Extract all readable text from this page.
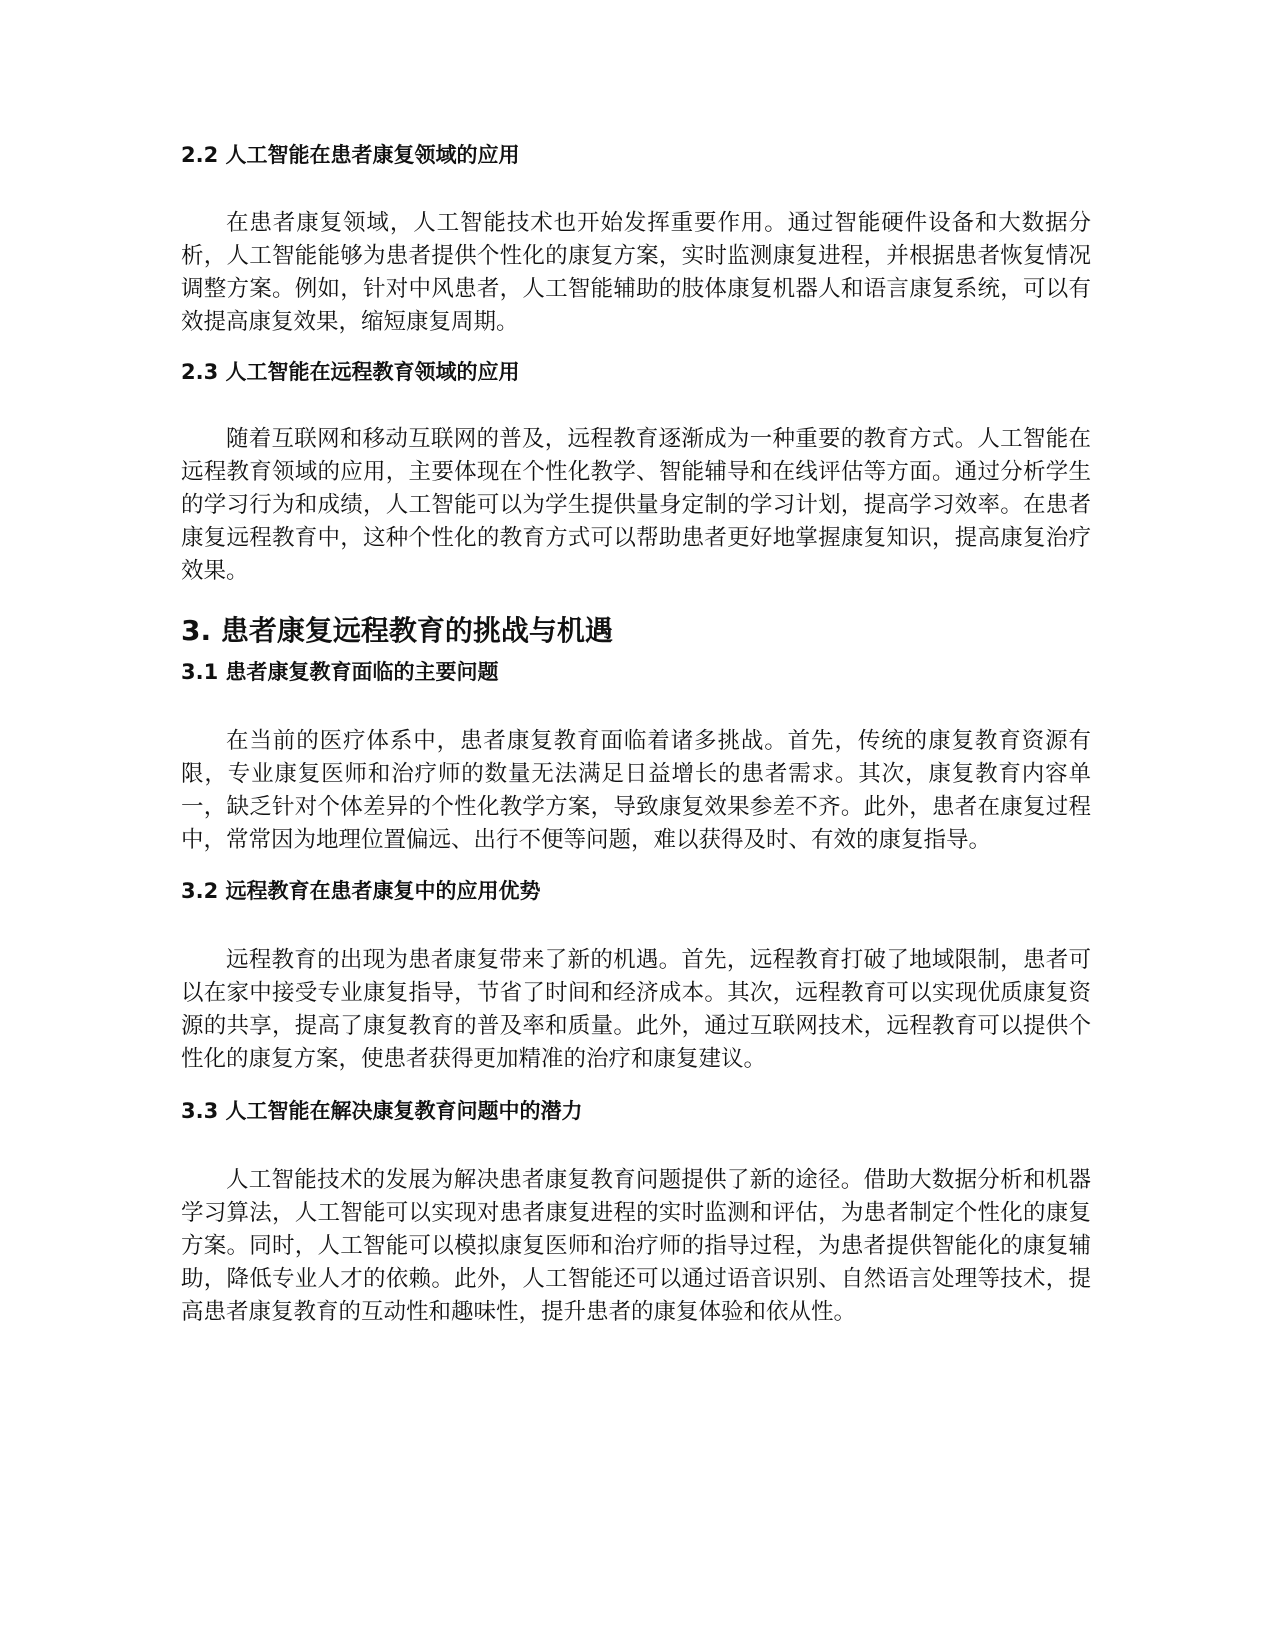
2.2 人工智能在患者康复领域的应用

在患者康复领域，人工智能技术也开始发挥重要作用。通过智能硬件设备和大数据分析，人工智能能够为患者提供个性化的康复方案，实时监测康复进程，并根据患者恢复情况调整方案。例如，针对中风患者，人工智能辅助的肢体康复机器人和语言康复系统，可以有效提高康复效果，缩短康复周期。

2.3 人工智能在远程教育领域的应用

随着互联网和移动互联网的普及，远程教育逐渐成为一种重要的教育方式。人工智能在远程教育领域的应用，主要体现在个性化教学、智能辅导和在线评估等方面。通过分析学生的学习行为和成绩，人工智能可以为学生提供量身定制的学习计划，提高学习效率。在患者康复远程教育中，这种个性化的教育方式可以帮助患者更好地掌握康复知识，提高康复治疗效果。

3. 患者康复远程教育的挑战与机遇
3.1 患者康复教育面临的主要问题

在当前的医疗体系中，患者康复教育面临着诸多挑战。首先，传统的康复教育资源有限，专业康复医师和治疗师的数量无法满足日益增长的患者需求。其次，康复教育内容单一，缺乏针对个体差异的个性化教学方案，导致康复效果参差不齐。此外，患者在康复过程中，常常因为地理位置偏远、出行不便等问题，难以获得及时、有效的康复指导。

3.2 远程教育在患者康复中的应用优势

远程教育的出现为患者康复带来了新的机遇。首先，远程教育打破了地域限制，患者可以在家中接受专业康复指导，节省了时间和经济成本。其次，远程教育可以实现优质康复资源的共享，提高了康复教育的普及率和质量。此外，通过互联网技术，远程教育可以提供个性化的康复方案，使患者获得更加精准的治疗和康复建议。

3.3 人工智能在解决康复教育问题中的潜力

人工智能技术的发展为解决患者康复教育问题提供了新的途径。借助大数据分析和机器学习算法，人工智能可以实现对患者康复进程的实时监测和评估，为患者制定个性化的康复方案。同时，人工智能可以模拟康复医师和治疗师的指导过程，为患者提供智能化的康复辅助，降低专业人才的依赖。此外，人工智能还可以通过语音识别、自然语言处理等技术，提高患者康复教育的互动性和趣味性，提升患者的康复体验和依从性。
